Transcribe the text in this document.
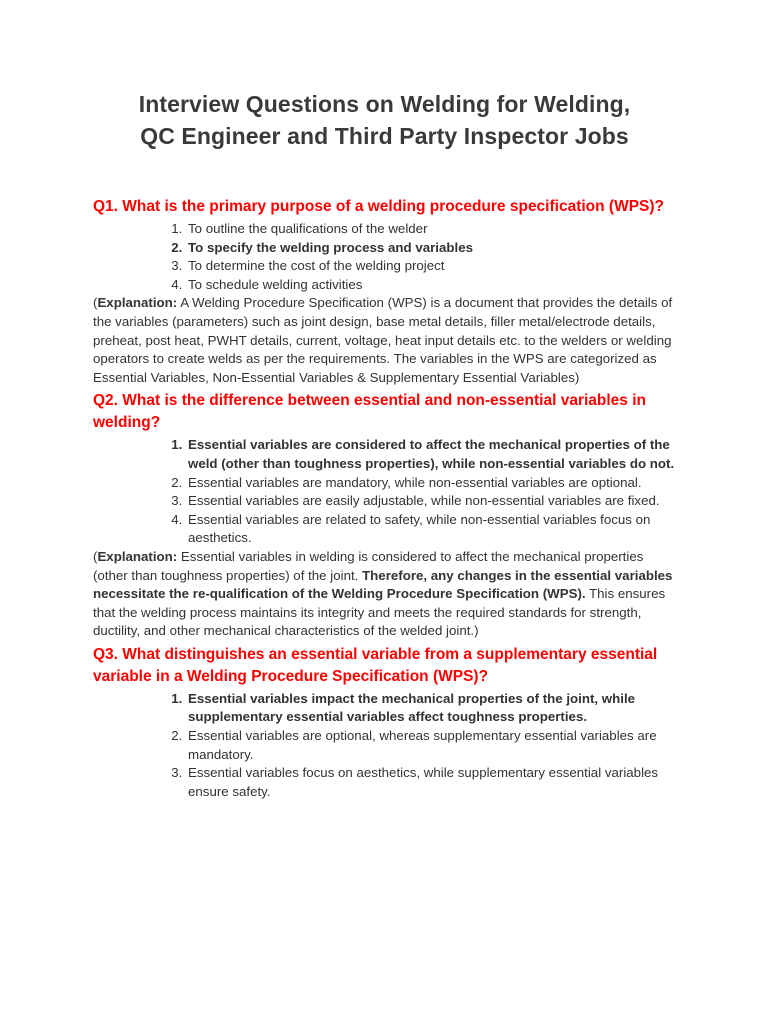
Interview Questions on Welding for Welding,
QC Engineer and Third Party Inspector Jobs

Q1. What is the primary purpose of a welding procedure specification (WPS)?

1. To outline the qualifications of the welder
2. To specify the welding process and variables
3. To determine the cost of the welding project
4. To schedule welding activities

(Explanation: A Welding Procedure Specification (WPS) is a document that provides the details of the variables (parameters) such as joint design, base metal details, filler metal/electrode details, preheat, post heat, PWHT details, current, voltage, heat input details etc. to the welders or welding operators to create welds as per the requirements. The variables in the WPS are categorized as Essential Variables, Non-Essential Variables & Supplementary Essential Variables)

Q2. What is the difference between essential and non-essential variables in welding?

1. Essential variables are considered to affect the mechanical properties of the weld (other than toughness properties), while non-essential variables do not.
2. Essential variables are mandatory, while non-essential variables are optional.
3. Essential variables are easily adjustable, while non-essential variables are fixed.
4. Essential variables are related to safety, while non-essential variables focus on aesthetics.

(Explanation: Essential variables in welding is considered to affect the mechanical properties (other than toughness properties) of the joint. Therefore, any changes in the essential variables necessitate the re-qualification of the Welding Procedure Specification (WPS). This ensures that the welding process maintains its integrity and meets the required standards for strength, ductility, and other mechanical characteristics of the welded joint.)

Q3. What distinguishes an essential variable from a supplementary essential variable in a Welding Procedure Specification (WPS)?

1. Essential variables impact the mechanical properties of the joint, while supplementary essential variables affect toughness properties.
2. Essential variables are optional, whereas supplementary essential variables are mandatory.
3. Essential variables focus on aesthetics, while supplementary essential variables ensure safety.
